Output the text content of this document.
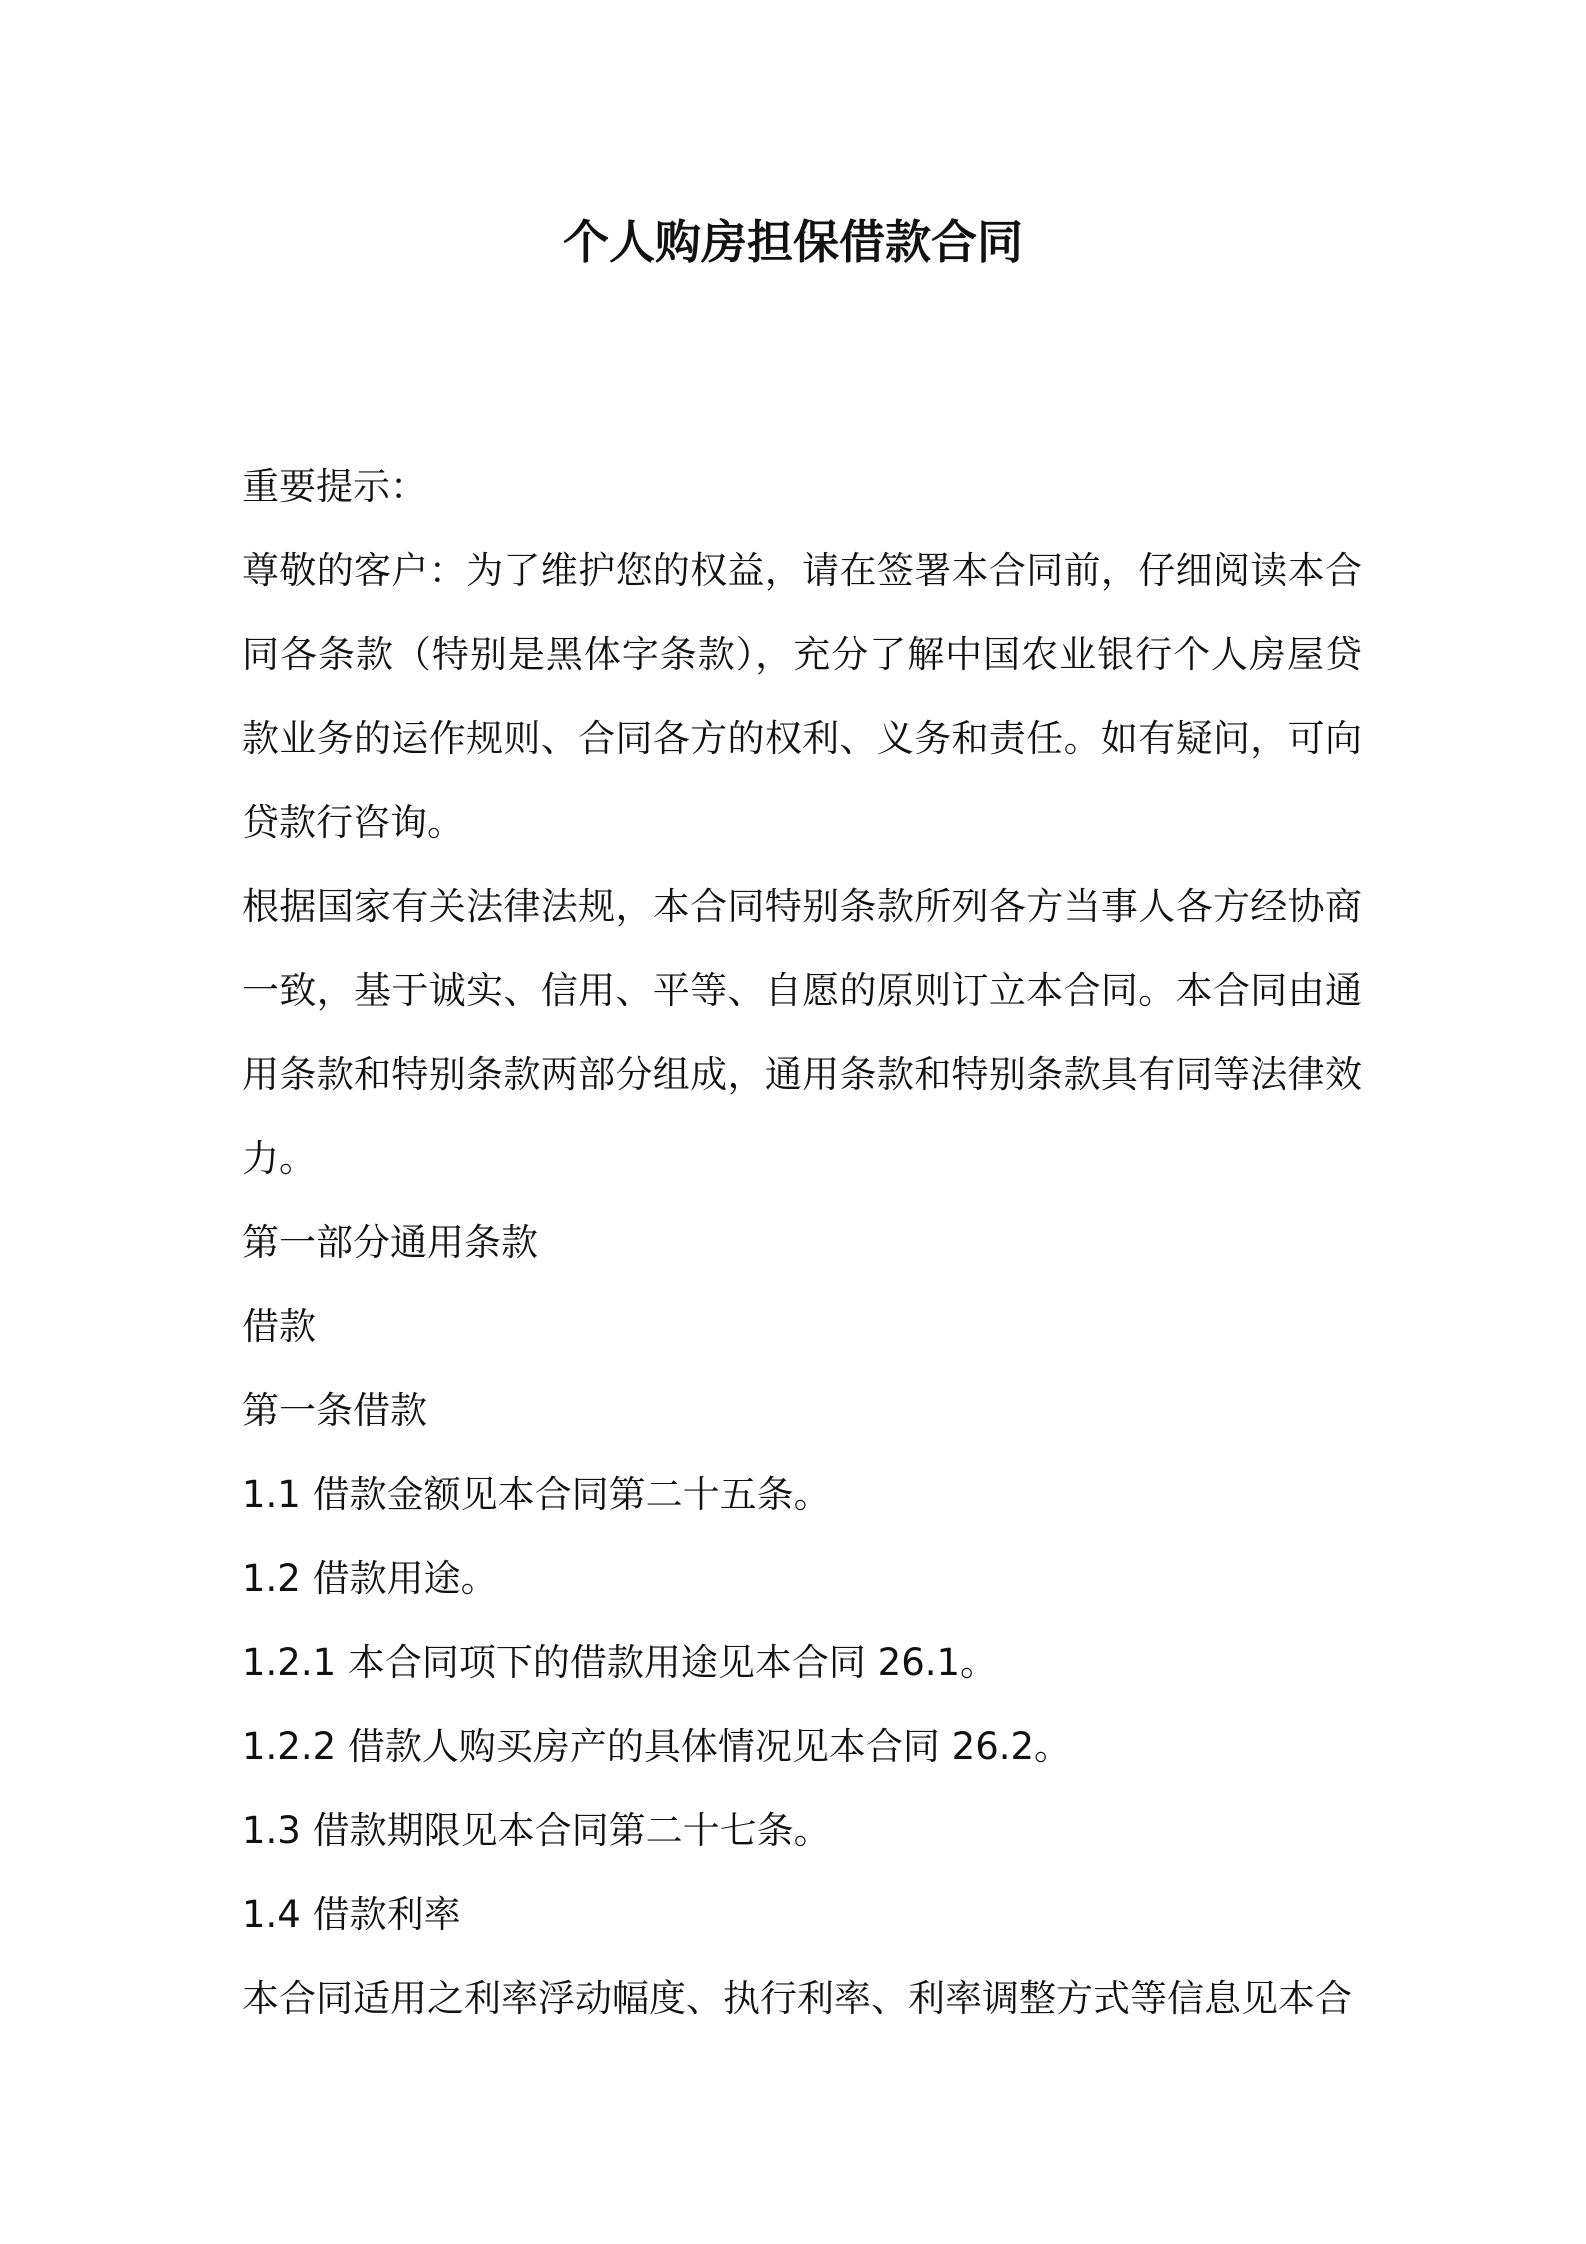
个人购房担保借款合同

重要提示：

尊敬的客户：为了维护您的权益，请在签署本合同前，仔细阅读本合同各条款（特别是黑体字条款），充分了解中国农业银行个人房屋贷款业务的运作规则、合同各方的权利、义务和责任。如有疑问，可向贷款行咨询。

根据国家有关法律法规，本合同特别条款所列各方当事人各方经协商一致，基于诚实、信用、平等、自愿的原则订立本合同。本合同由通用条款和特别条款两部分组成，通用条款和特别条款具有同等法律效力。

第一部分通用条款

借款

第一条借款

1.1 借款金额见本合同第二十五条。

1.2 借款用途。

1.2.1 本合同项下的借款用途见本合同 26.1。

1.2.2 借款人购买房产的具体情况见本合同 26.2。

1.3 借款期限见本合同第二十七条。

1.4 借款利率

本合同适用之利率浮动幅度、执行利率、利率调整方式等信息见本合
